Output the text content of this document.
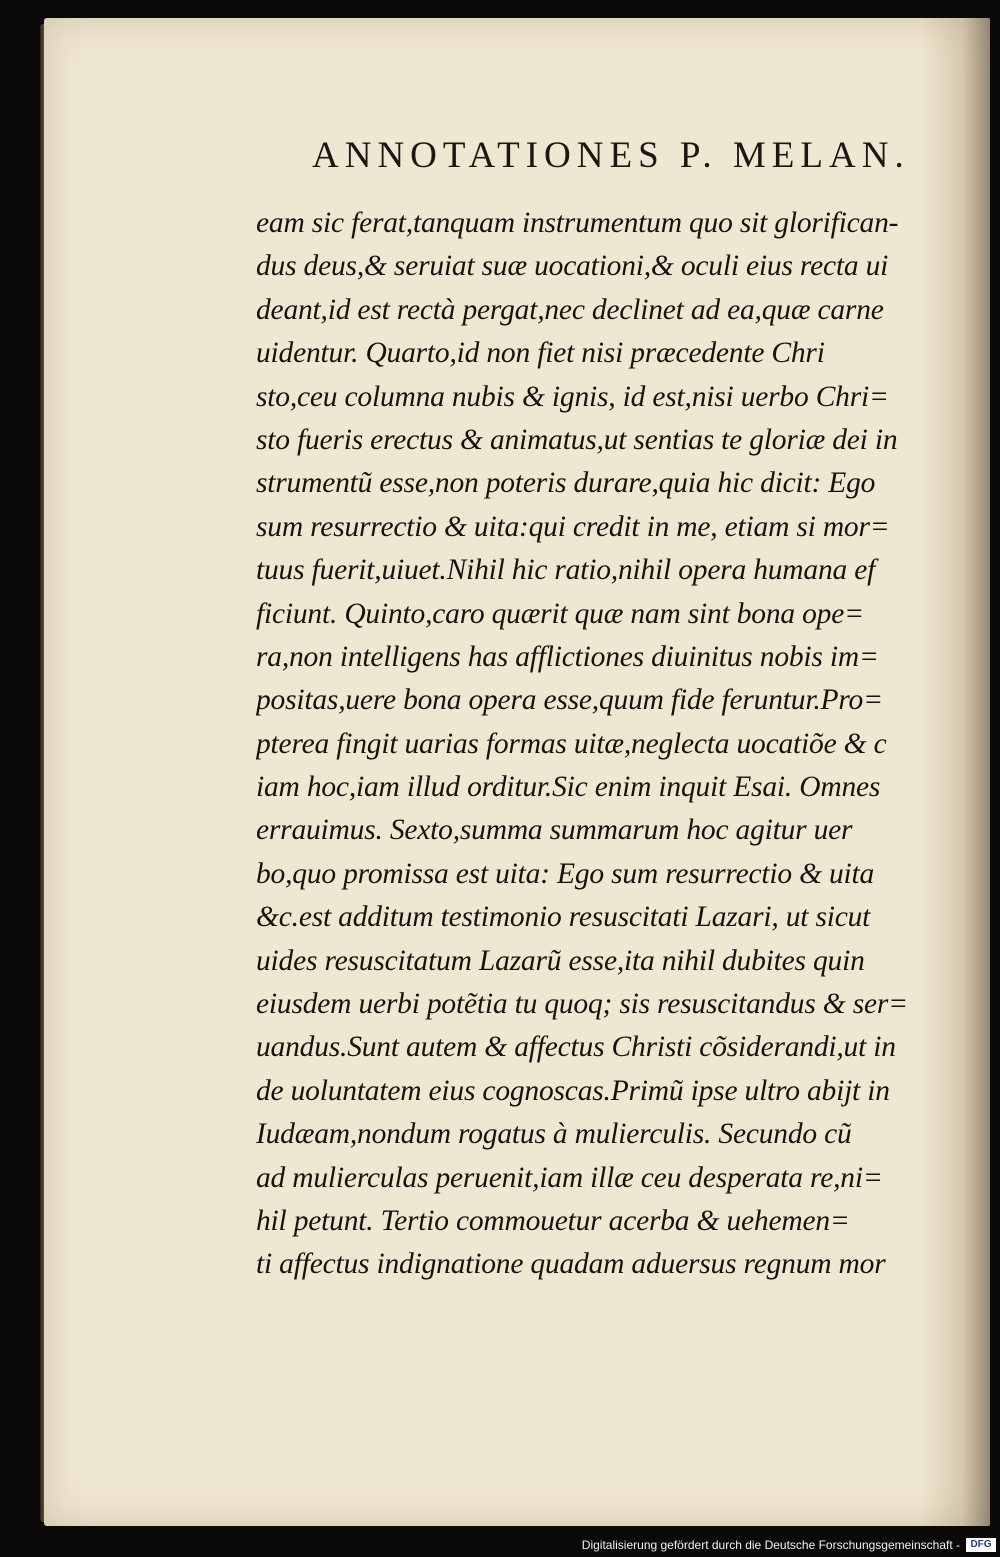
ANNOTATIONES P. MELAN.
eam sic ferat,tanquam instrumentum quo sit glorifican-
dus deus,& seruiat suæ uocationi,& oculi eius recta ui
deant,id est rectà pergat,nec declinet ad ea,quæ carne
uidentur. Quarto,id non fiet nisi præcedente Chri
sto,ceu columna nubis & ignis, id est,nisi uerbo Chri=
sto fueris erectus & animatus,ut sentias te gloriæ dei in
strumentũ esse,non poteris durare,quia hic dicit: Ego
sum resurrectio & uita:qui credit in me, etiam si mor=
tuus fuerit,uiuet.Nihil hic ratio,nihil opera humana ef
ficiunt. Quinto,caro quærit quæ nam sint bona ope=
ra,non intelligens has afflictiones diuinitus nobis im=
positas,uere bona opera esse,quum fide feruntur.Pro=
pterea fingit uarias formas uitæ,neglecta uocatiõe & c
iam hoc,iam illud orditur.Sic enim inquit Esai. Omnes
errauimus. Sexto,summa summarum hoc agitur uer
bo,quo promissa est uita: Ego sum resurrectio & uita
&c.est additum testimonio resuscitati Lazari, ut sicut
uides resuscitatum Lazarũ esse,ita nihil dubites quin
eiusdem uerbi potẽtia tu quoq; sis resuscitandus & ser=
uandus.Sunt autem & affectus Christi cõsiderandi,ut in
de uoluntatem eius cognoscas.Primũ ipse ultro abijt in
Iudæam,nondum rogatus à mulierculis. Secundo cũ
ad mulierculas peruenit,iam illæ ceu desperata re,ni=
hil petunt. Tertio commouetur acerba & uehemen=
ti affectus indignatione quadam aduersus regnum mor
Digitalisierung gefördert durch die Deutsche Forschungsgemeinschaft -	DFG
